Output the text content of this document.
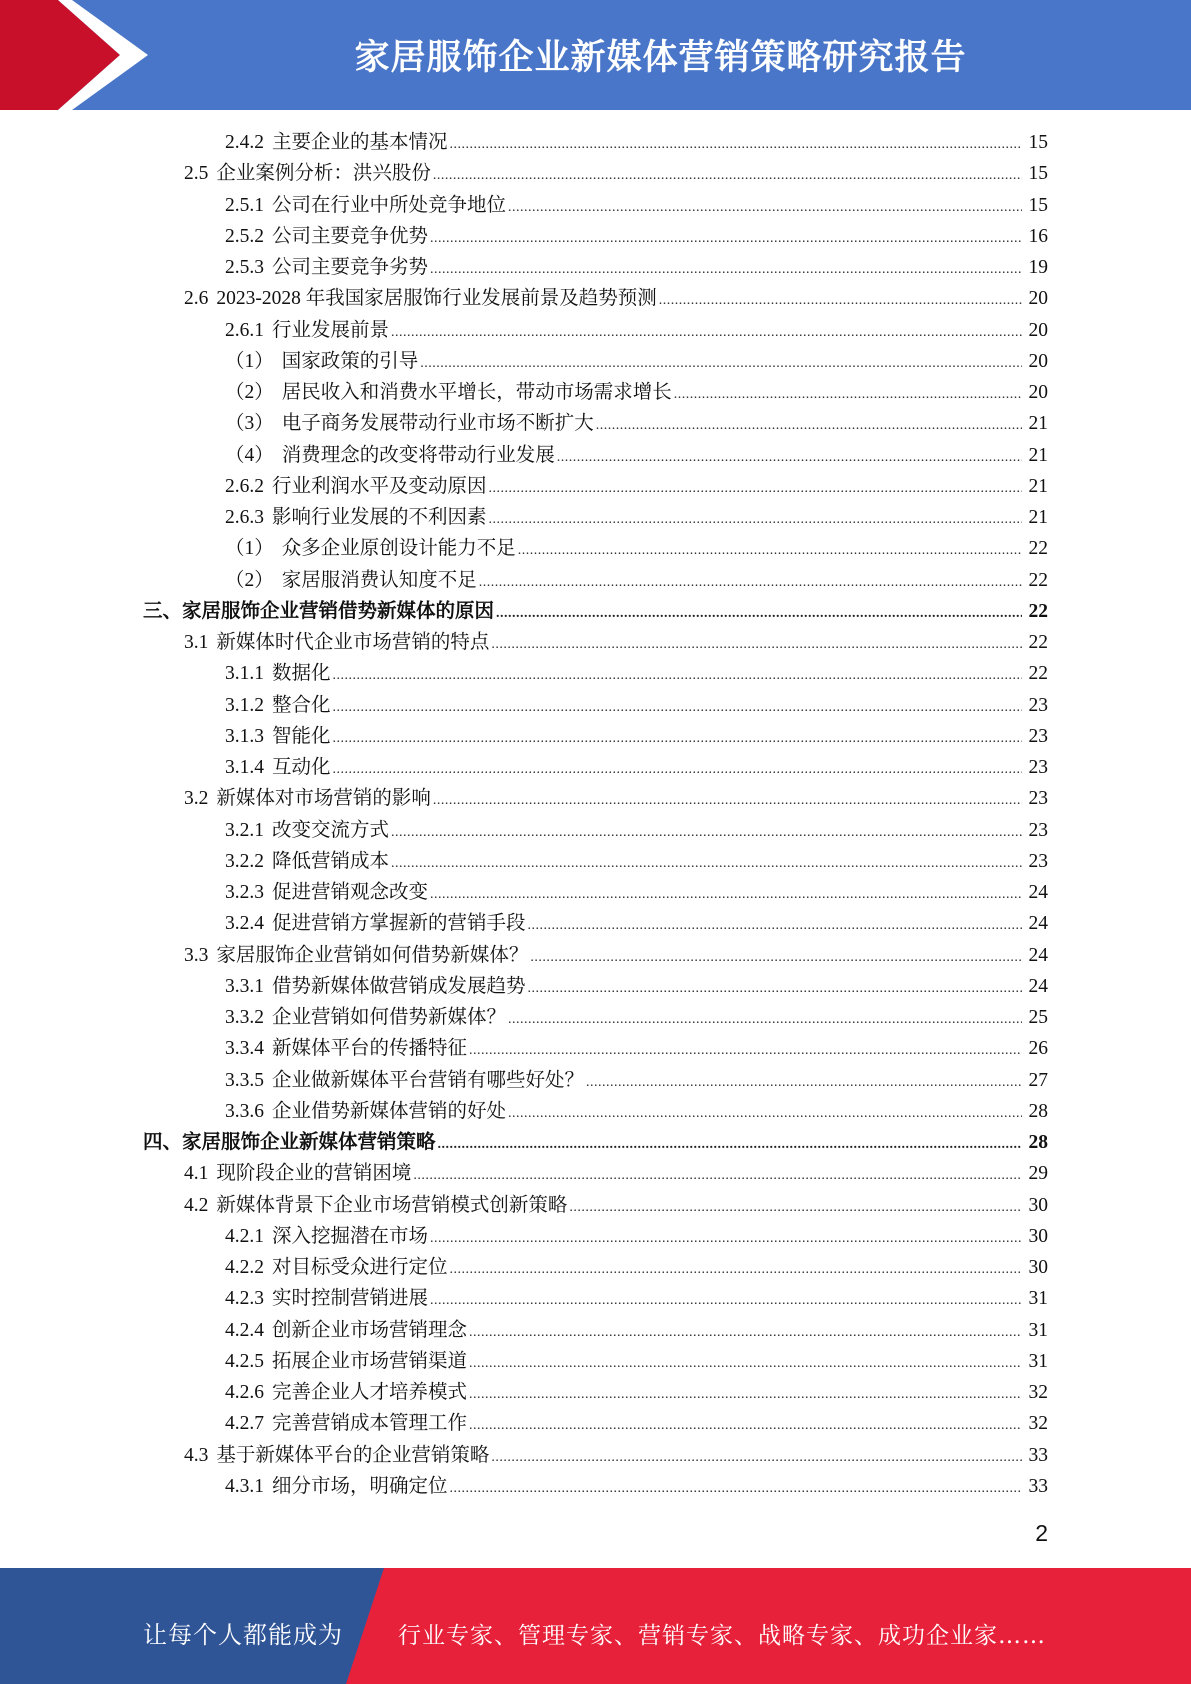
家居服饰企业新媒体营销策略研究报告
2.4.2 主要企业的基本情况 .....	15
2.5 企业案例分析：洪兴股份 .....	15
2.5.1 公司在行业中所处竞争地位 .....	15
2.5.2 公司主要竞争优势 .....	16
2.5.3 公司主要竞争劣势 .....	19
2.6 2023-2028 年我国家居服饰行业发展前景及趋势预测 .....	20
2.6.1 行业发展前景 .....	20
（1） 国家政策的引导 .....	20
（2） 居民收入和消费水平增长，带动市场需求增长 .....	20
（3） 电子商务发展带动行业市场不断扩大 .....	21
（4） 消费理念的改变将带动行业发展 .....	21
2.6.2 行业利润水平及变动原因 .....	21
2.6.3 影响行业发展的不利因素 .....	21
（1） 众多企业原创设计能力不足 .....	22
（2） 家居服消费认知度不足 .....	22
三、 家居服饰企业营销借势新媒体的原因 .....	22
3.1 新媒体时代企业市场营销的特点 .....	22
3.1.1 数据化 .....	22
3.1.2 整合化 .....	23
3.1.3 智能化 .....	23
3.1.4 互动化 .....	23
3.2 新媒体对市场营销的影响 .....	23
3.2.1 改变交流方式 .....	23
3.2.2 降低营销成本 .....	23
3.2.3 促进营销观念改变 .....	24
3.2.4 促进营销方掌握新的营销手段 .....	24
3.3 家居服饰企业营销如何借势新媒体？ .....	24
3.3.1 借势新媒体做营销成发展趋势 .....	24
3.3.2 企业营销如何借势新媒体？ .....	25
3.3.4 新媒体平台的传播特征 .....	26
3.3.5 企业做新媒体平台营销有哪些好处？ .....	27
3.3.6 企业借势新媒体营销的好处 .....	28
四、 家居服饰企业新媒体营销策略 .....	28
4.1 现阶段企业的营销困境 .....	29
4.2 新媒体背景下企业市场营销模式创新策略 .....	30
4.2.1 深入挖掘潜在市场 .....	30
4.2.2 对目标受众进行定位 .....	30
4.2.3 实时控制营销进展 .....	31
4.2.4 创新企业市场营销理念 .....	31
4.2.5 拓展企业市场营销渠道 .....	31
4.2.6 完善企业人才培养模式 .....	32
4.2.7 完善营销成本管理工作 .....	32
4.3 基于新媒体平台的企业营销策略 .....	33
4.3.1 细分市场，明确定位 .....	33
2
让每个人都能成为 行业专家、管理专家、营销专家、战略专家、成功企业家……
